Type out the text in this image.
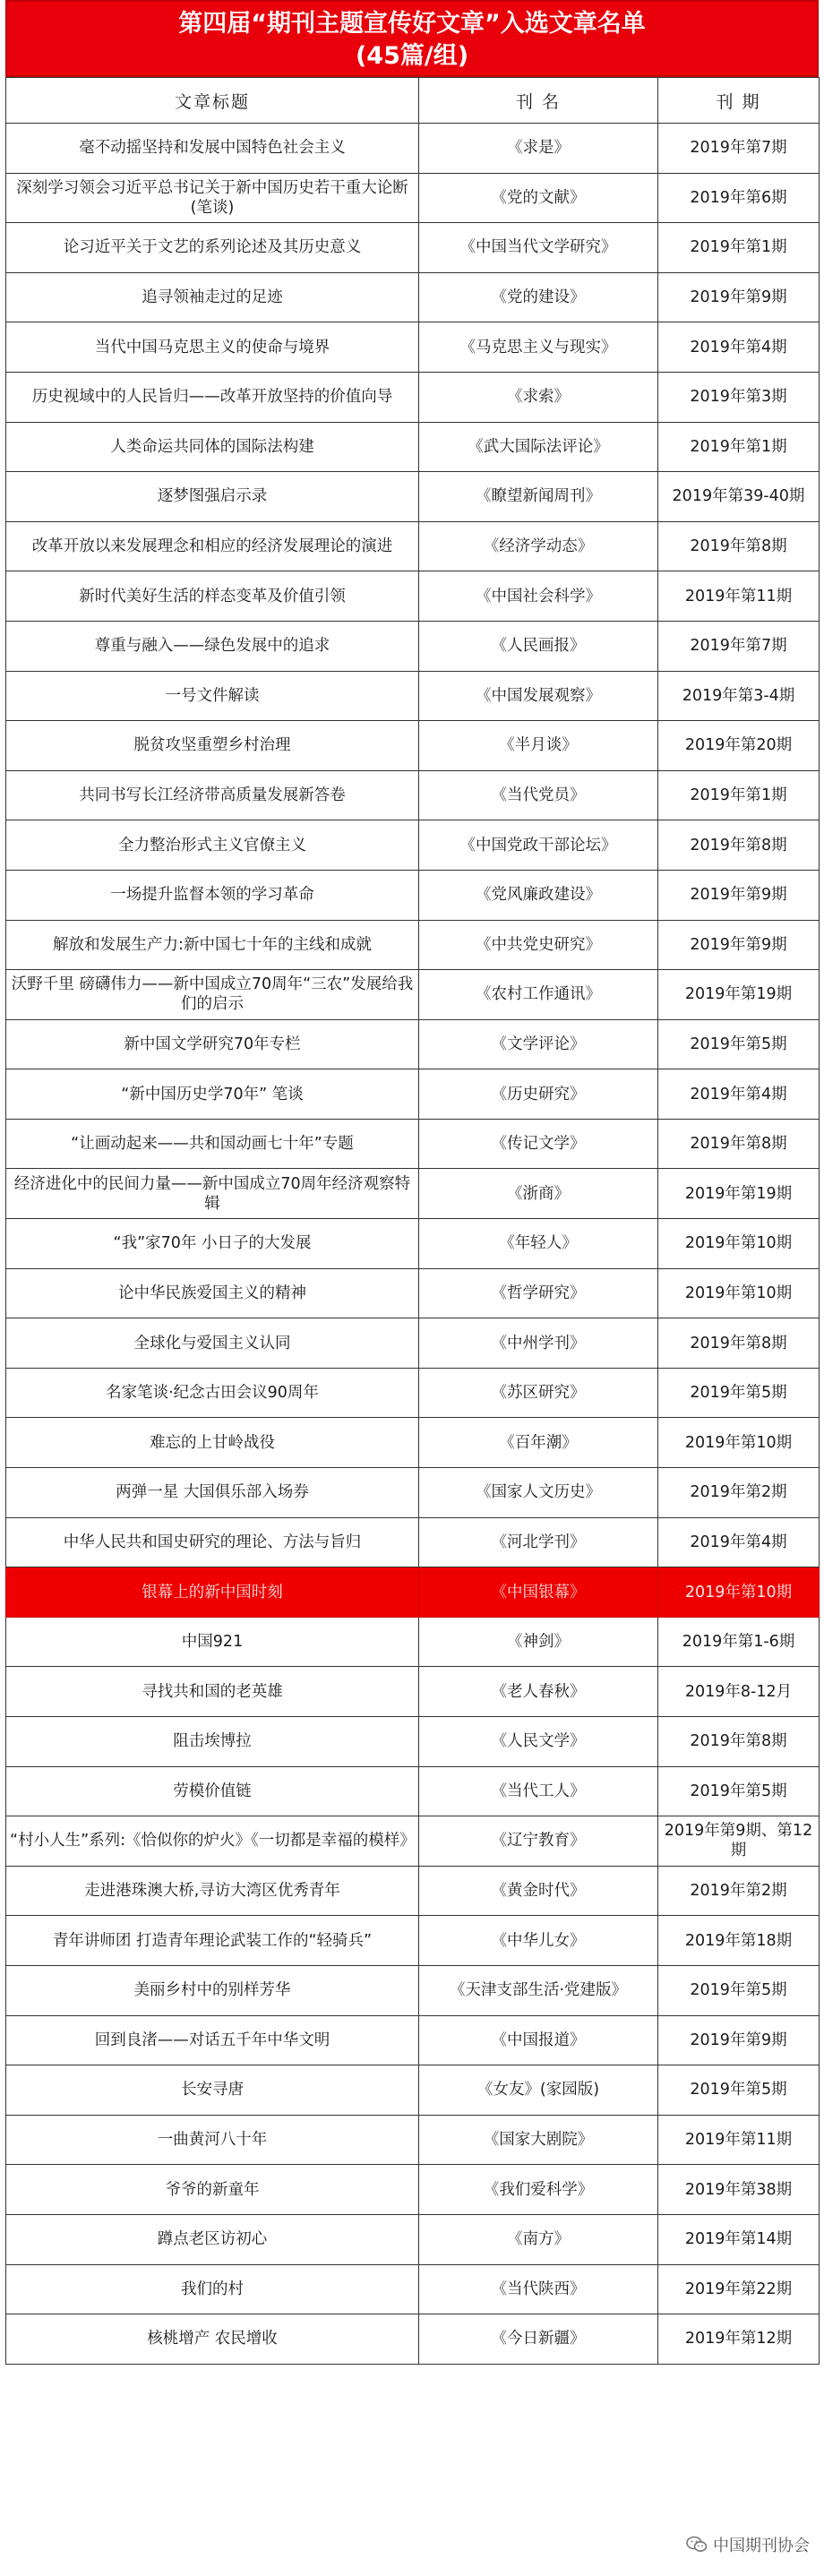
第四届“期刊主题宣传好文章”入选文章名单
(45篇/组)
文章标题	刊 名	刊 期
毫不动摇坚持和发展中国特色社会主义	《求是》	2019年第7期
深刻学习领会习近平总书记关于新中国历史若干重大论断(笔谈)	《党的文献》	2019年第6期
论习近平关于文艺的系列论述及其历史意义	《中国当代文学研究》	2019年第1期
追寻领袖走过的足迹	《党的建设》	2019年第9期
当代中国马克思主义的使命与境界	《马克思主义与现实》	2019年第4期
历史视域中的人民旨归——改革开放坚持的价值向导	《求索》	2019年第3期
人类命运共同体的国际法构建	《武大国际法评论》	2019年第1期
逐梦图强启示录	《瞭望新闻周刊》	2019年第39-40期
改革开放以来发展理念和相应的经济发展理论的演进	《经济学动态》	2019年第8期
新时代美好生活的样态变革及价值引领	《中国社会科学》	2019年第11期
尊重与融入——绿色发展中的追求	《人民画报》	2019年第7期
一号文件解读	《中国发展观察》	2019年第3-4期
脱贫攻坚重塑乡村治理	《半月谈》	2019年第20期
共同书写长江经济带高质量发展新答卷	《当代党员》	2019年第1期
全力整治形式主义官僚主义	《中国党政干部论坛》	2019年第8期
一场提升监督本领的学习革命	《党风廉政建设》	2019年第9期
解放和发展生产力:新中国七十年的主线和成就	《中共党史研究》	2019年第9期
沃野千里 磅礴伟力——新中国成立70周年“三农”发展给我们的启示	《农村工作通讯》	2019年第19期
新中国文学研究70年专栏	《文学评论》	2019年第5期
“新中国历史学70年” 笔谈	《历史研究》	2019年第4期
“让画动起来——共和国动画七十年”专题	《传记文学》	2019年第8期
经济进化中的民间力量——新中国成立70周年经济观察特辑	《浙商》	2019年第19期
“我”家70年 小日子的大发展	《年轻人》	2019年第10期
论中华民族爱国主义的精神	《哲学研究》	2019年第10期
全球化与爱国主义认同	《中州学刊》	2019年第8期
名家笔谈·纪念古田会议90周年	《苏区研究》	2019年第5期
难忘的上甘岭战役	《百年潮》	2019年第10期
两弹一星 大国俱乐部入场券	《国家人文历史》	2019年第2期
中华人民共和国史研究的理论、方法与旨归	《河北学刊》	2019年第4期
银幕上的新中国时刻	《中国银幕》	2019年第10期
中国921	《神剑》	2019年第1-6期
寻找共和国的老英雄	《老人春秋》	2019年8-12月
阻击埃博拉	《人民文学》	2019年第8期
劳模价值链	《当代工人》	2019年第5期
“村小人生”系列:《恰似你的炉火》《一切都是幸福的模样》	《辽宁教育》	2019年第9期、第12期
走进港珠澳大桥,寻访大湾区优秀青年	《黄金时代》	2019年第2期
青年讲师团 打造青年理论武装工作的“轻骑兵”	《中华儿女》	2019年第18期
美丽乡村中的别样芳华	《天津支部生活·党建版》	2019年第5期
回到良渚——对话五千年中华文明	《中国报道》	2019年第9期
长安寻唐	《女友》(家园版)	2019年第5期
一曲黄河八十年	《国家大剧院》	2019年第11期
爷爷的新童年	《我们爱科学》	2019年第38期
蹲点老区访初心	《南方》	2019年第14期
我们的村	《当代陕西》	2019年第22期
核桃增产 农民增收	《今日新疆》	2019年第12期
中国期刊协会
